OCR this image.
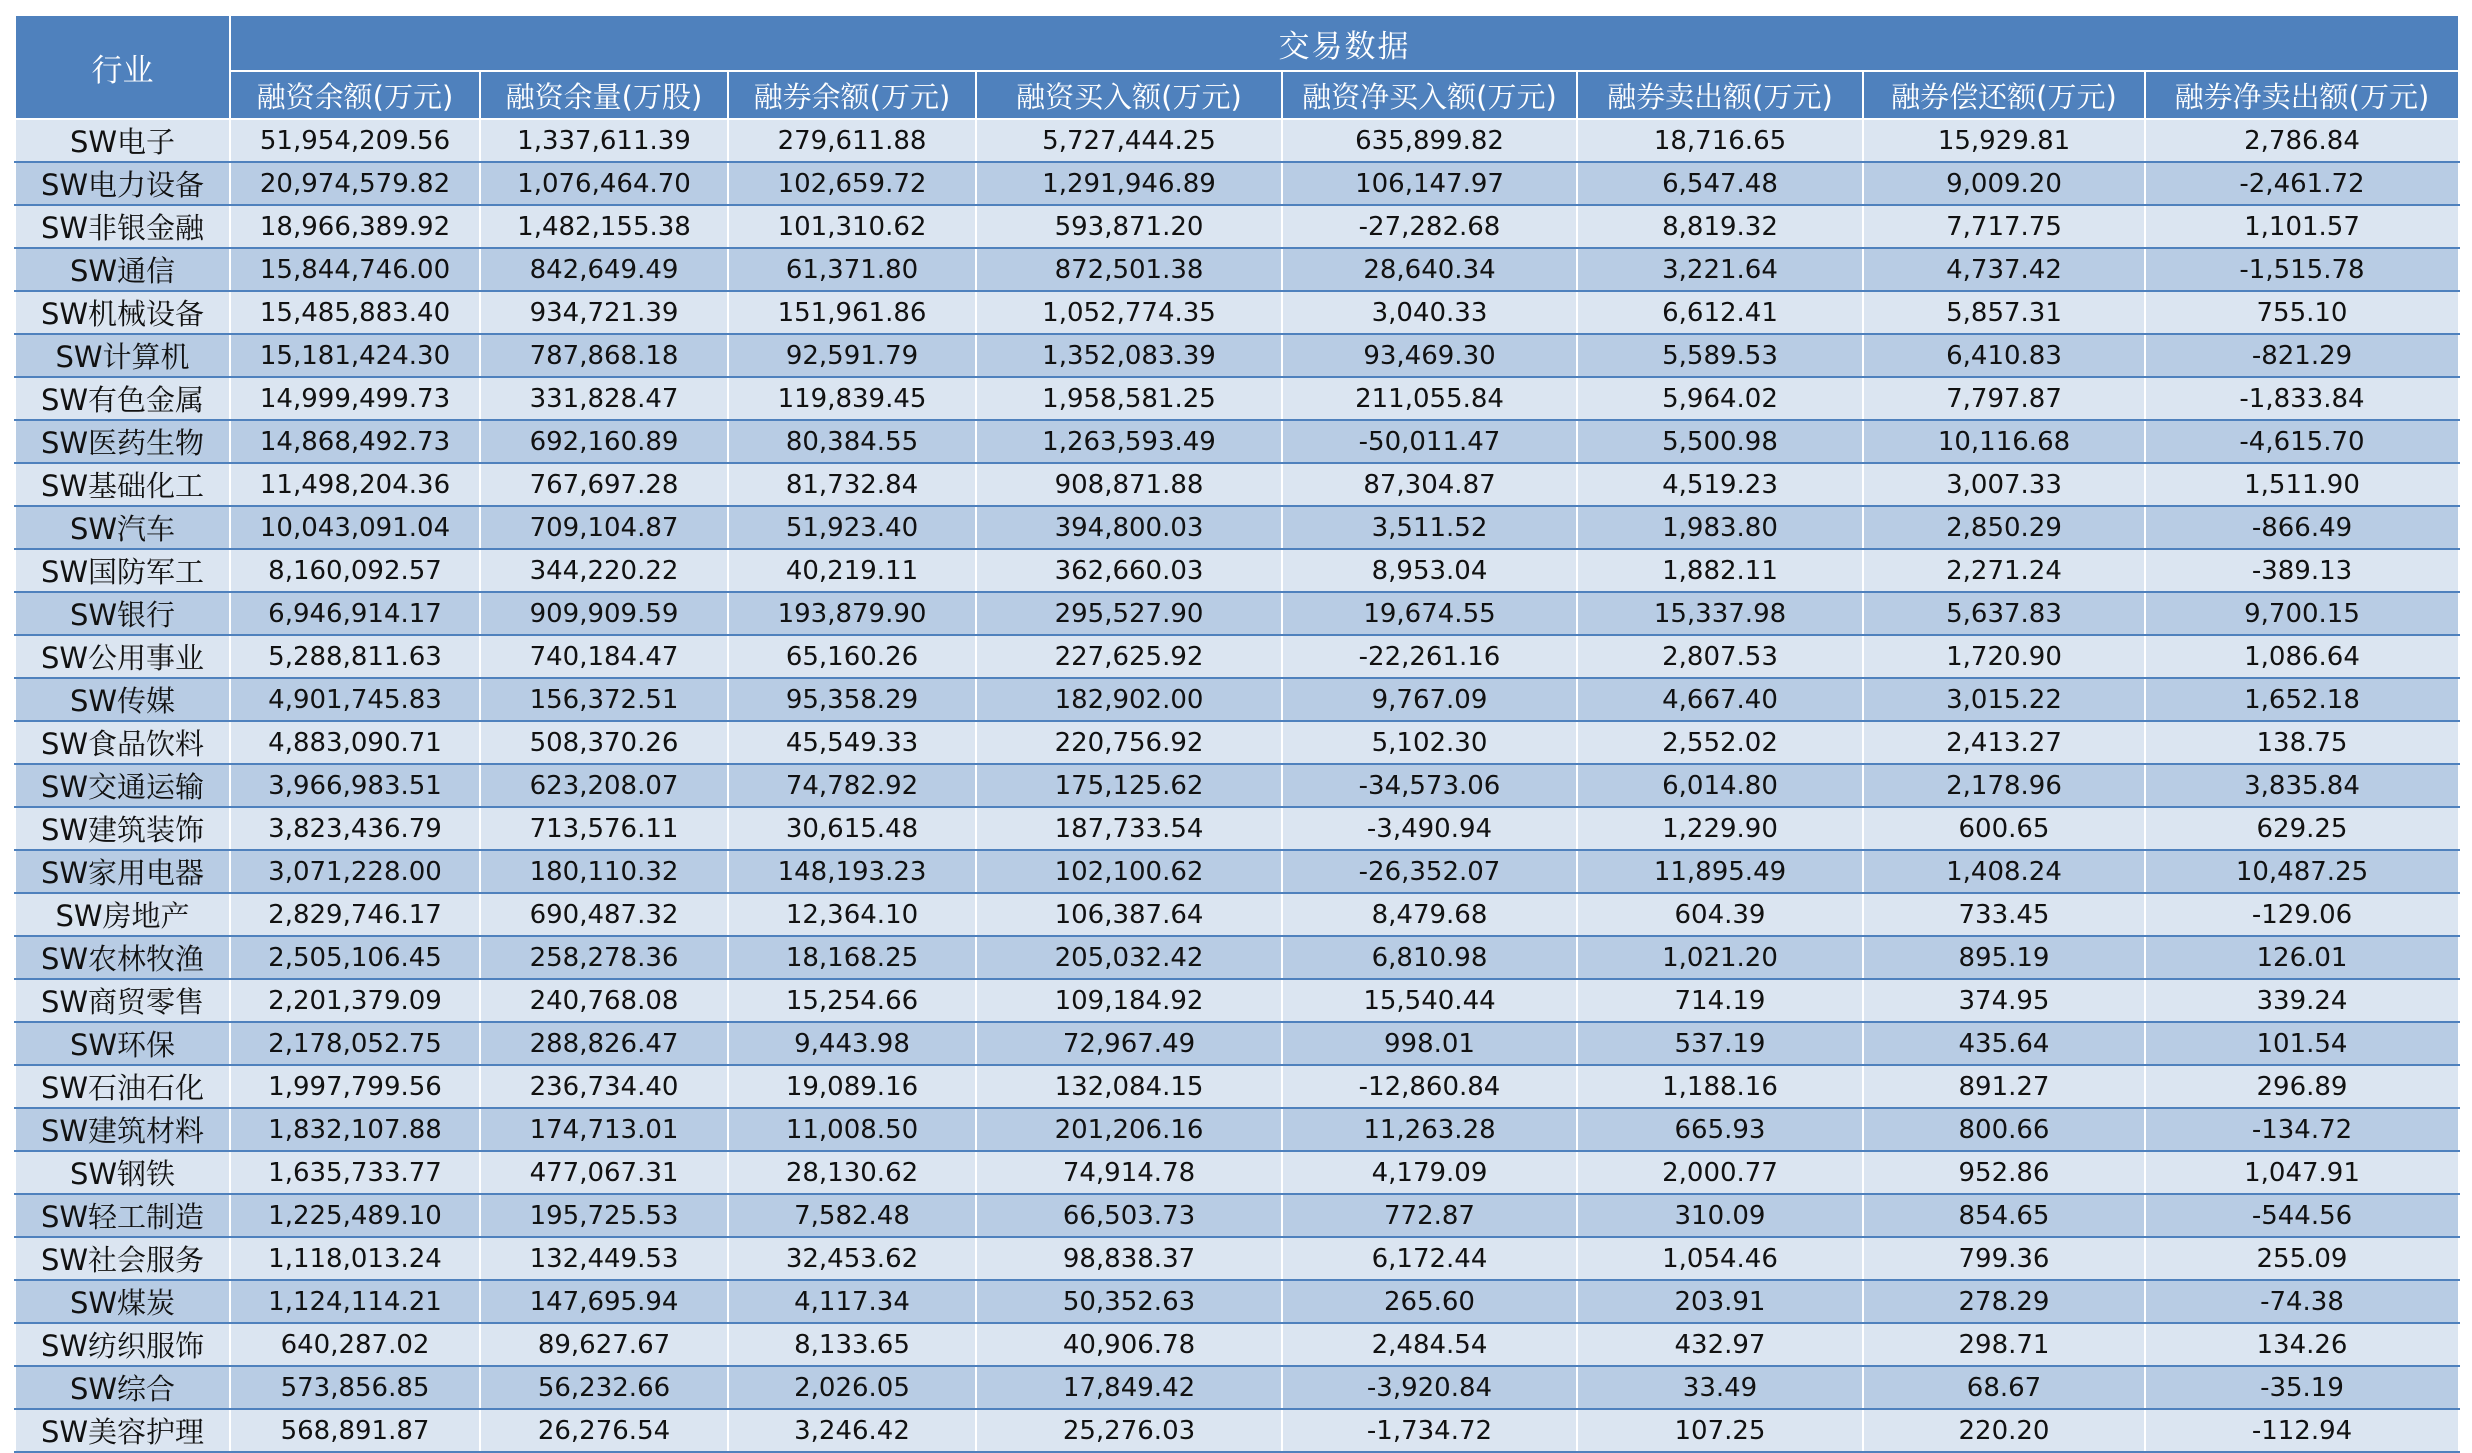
行业	交易数据							
	融资余额(万元)	融资余量(万股)	融券余额(万元)	融资买入额(万元)	融资净买入额(万元)	融券卖出额(万元)	融券偿还额(万元)	融券净卖出额(万元)
SW电子	51,954,209.56	1,337,611.39	279,611.88	5,727,444.25	635,899.82	18,716.65	15,929.81	2,786.84
SW电力设备	20,974,579.82	1,076,464.70	102,659.72	1,291,946.89	106,147.97	6,547.48	9,009.20	-2,461.72
SW非银金融	18,966,389.92	1,482,155.38	101,310.62	593,871.20	-27,282.68	8,819.32	7,717.75	1,101.57
SW通信	15,844,746.00	842,649.49	61,371.80	872,501.38	28,640.34	3,221.64	4,737.42	-1,515.78
SW机械设备	15,485,883.40	934,721.39	151,961.86	1,052,774.35	3,040.33	6,612.41	5,857.31	755.10
SW计算机	15,181,424.30	787,868.18	92,591.79	1,352,083.39	93,469.30	5,589.53	6,410.83	-821.29
SW有色金属	14,999,499.73	331,828.47	119,839.45	1,958,581.25	211,055.84	5,964.02	7,797.87	-1,833.84
SW医药生物	14,868,492.73	692,160.89	80,384.55	1,263,593.49	-50,011.47	5,500.98	10,116.68	-4,615.70
SW基础化工	11,498,204.36	767,697.28	81,732.84	908,871.88	87,304.87	4,519.23	3,007.33	1,511.90
SW汽车	10,043,091.04	709,104.87	51,923.40	394,800.03	3,511.52	1,983.80	2,850.29	-866.49
SW国防军工	8,160,092.57	344,220.22	40,219.11	362,660.03	8,953.04	1,882.11	2,271.24	-389.13
SW银行	6,946,914.17	909,909.59	193,879.90	295,527.90	19,674.55	15,337.98	5,637.83	9,700.15
SW公用事业	5,288,811.63	740,184.47	65,160.26	227,625.92	-22,261.16	2,807.53	1,720.90	1,086.64
SW传媒	4,901,745.83	156,372.51	95,358.29	182,902.00	9,767.09	4,667.40	3,015.22	1,652.18
SW食品饮料	4,883,090.71	508,370.26	45,549.33	220,756.92	5,102.30	2,552.02	2,413.27	138.75
SW交通运输	3,966,983.51	623,208.07	74,782.92	175,125.62	-34,573.06	6,014.80	2,178.96	3,835.84
SW建筑装饰	3,823,436.79	713,576.11	30,615.48	187,733.54	-3,490.94	1,229.90	600.65	629.25
SW家用电器	3,071,228.00	180,110.32	148,193.23	102,100.62	-26,352.07	11,895.49	1,408.24	10,487.25
SW房地产	2,829,746.17	690,487.32	12,364.10	106,387.64	8,479.68	604.39	733.45	-129.06
SW农林牧渔	2,505,106.45	258,278.36	18,168.25	205,032.42	6,810.98	1,021.20	895.19	126.01
SW商贸零售	2,201,379.09	240,768.08	15,254.66	109,184.92	15,540.44	714.19	374.95	339.24
SW环保	2,178,052.75	288,826.47	9,443.98	72,967.49	998.01	537.19	435.64	101.54
SW石油石化	1,997,799.56	236,734.40	19,089.16	132,084.15	-12,860.84	1,188.16	891.27	296.89
SW建筑材料	1,832,107.88	174,713.01	11,008.50	201,206.16	11,263.28	665.93	800.66	-134.72
SW钢铁	1,635,733.77	477,067.31	28,130.62	74,914.78	4,179.09	2,000.77	952.86	1,047.91
SW轻工制造	1,225,489.10	195,725.53	7,582.48	66,503.73	772.87	310.09	854.65	-544.56
SW社会服务	1,118,013.24	132,449.53	32,453.62	98,838.37	6,172.44	1,054.46	799.36	255.09
SW煤炭	1,124,114.21	147,695.94	4,117.34	50,352.63	265.60	203.91	278.29	-74.38
SW纺织服饰	640,287.02	89,627.67	8,133.65	40,906.78	2,484.54	432.97	298.71	134.26
SW综合	573,856.85	56,232.66	2,026.05	17,849.42	-3,920.84	33.49	68.67	-35.19
SW美容护理	568,891.87	26,276.54	3,246.42	25,276.03	-1,734.72	107.25	220.20	-112.94
